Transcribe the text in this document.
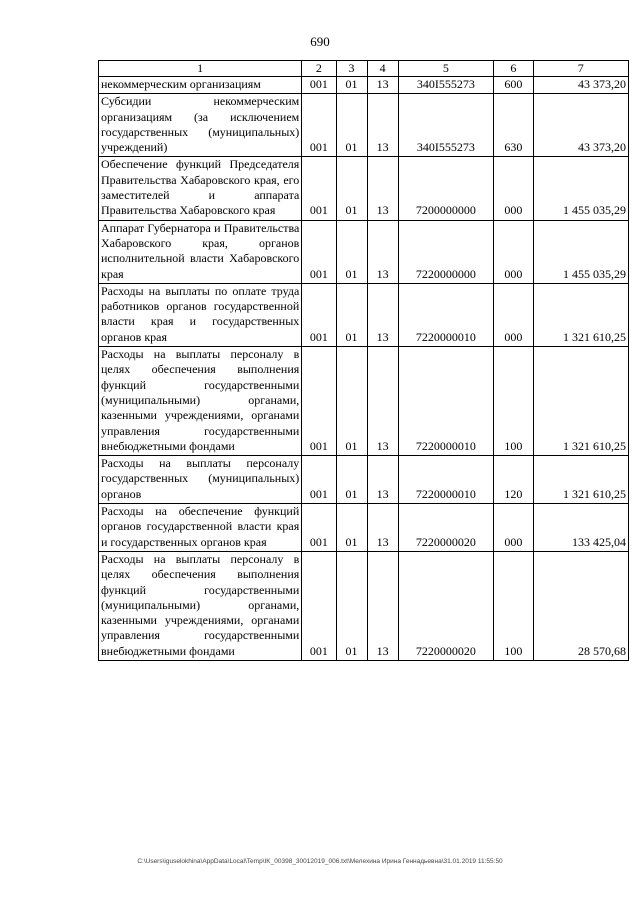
690
1	2	3	4	5	6	7
некоммерческим организациям	001	01	13	340I555273	600	43 373,20
Субсидии некоммерческим организациям (за исключением государственных (муниципальных) учреждений)	001	01	13	340I555273	630	43 373,20
Обеспечение функций Председателя Правительства Хабаровского края, его заместителей и аппарата Правительства Хабаровского края	001	01	13	7200000000	000	1 455 035,29
Аппарат Губернатора и Правительства Хабаровского края, органов исполнительной власти Хабаровского края	001	01	13	7220000000	000	1 455 035,29
Расходы на выплаты по оплате труда работников органов государственной власти края и государственных органов края	001	01	13	7220000010	000	1 321 610,25
Расходы на выплаты персоналу в целях обеспечения выполнения функций государственными (муниципальными) органами, казенными учреждениями, органами управления государственными внебюджетными фондами	001	01	13	7220000010	100	1 321 610,25
Расходы на выплаты персоналу государственных (муниципальных) органов	001	01	13	7220000010	120	1 321 610,25
Расходы на обеспечение функций органов государственной власти края и государственных органов края	001	01	13	7220000020	000	133 425,04
Расходы на выплаты персоналу в целях обеспечения выполнения функций государственными (муниципальными) органами, казенными учреждениями, органами управления государственными внебюджетными фондами	001	01	13	7220000020	100	28 570,68
C:\Users\iguselokhina\AppData\Local\Temp\IK_00398_30012019_006.txt\Мелехина Ирина Геннадьевна\31.01.2019 11:55:50
